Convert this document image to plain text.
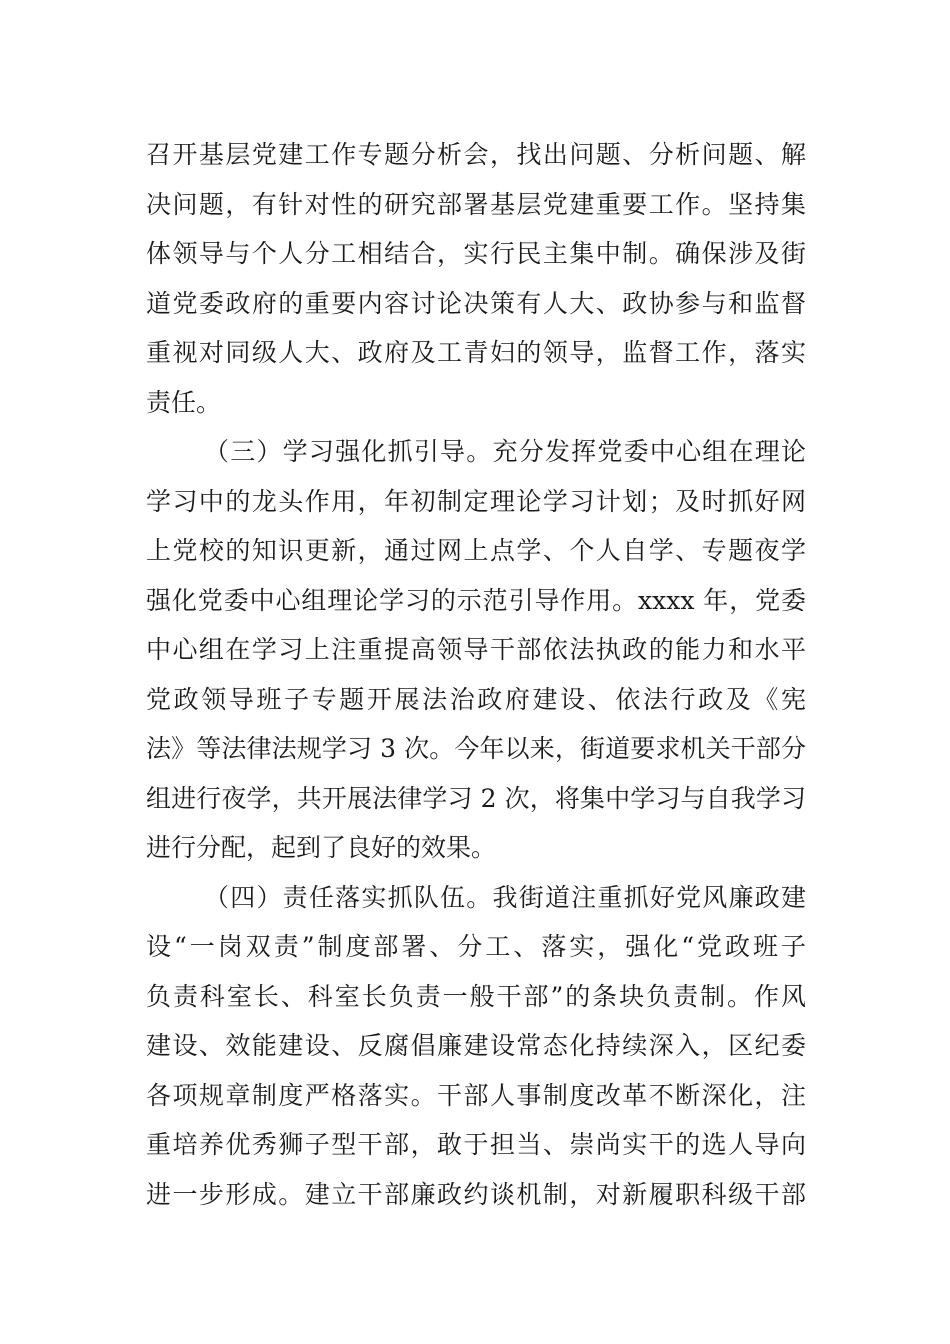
召开基层党建工作专题分析会，找出问题、分析问题、解
决问题，有针对性的研究部署基层党建重要工作。坚持集
体领导与个人分工相结合，实行民主集中制。确保涉及街
道党委政府的重要内容讨论决策有人大、政协参与和监督
重视对同级人大、政府及工青妇的领导，监督工作，落实
责任。
（三）学习强化抓引导。充分发挥党委中心组在理论
学习中的龙头作用，年初制定理论学习计划；及时抓好网
上党校的知识更新，通过网上点学、个人自学、专题夜学
强化党委中心组理论学习的示范引导作用。xxxx 年，党委
中心组在学习上注重提高领导干部依法执政的能力和水平
党政领导班子专题开展法治政府建设、依法行政及《宪
法》等法律法规学习 3 次。今年以来，街道要求机关干部分
组进行夜学，共开展法律学习 2 次，将集中学习与自我学习
进行分配，起到了良好的效果。
（四）责任落实抓队伍。我街道注重抓好党风廉政建
设“一岗双责”制度部署、分工、落实，强化“党政班子
负责科室长、科室长负责一般干部”的条块负责制。作风
建设、效能建设、反腐倡廉建设常态化持续深入，区纪委
各项规章制度严格落实。干部人事制度改革不断深化，注
重培养优秀狮子型干部，敢于担当、崇尚实干的选人导向
进一步形成。建立干部廉政约谈机制，对新履职科级干部
